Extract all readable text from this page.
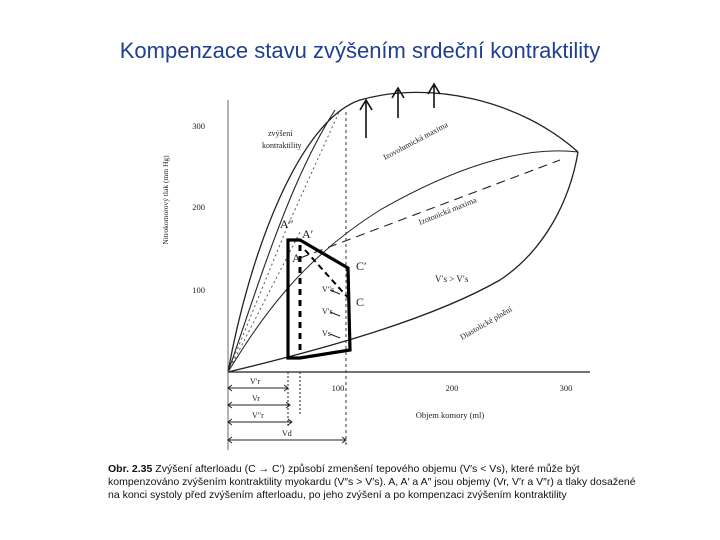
Kompenzace stavu zvýšením srdeční kontraktility
300
200
100
100	200	300
Objem komory (ml)
Nitrokomorový tlak (mm Hg)
zvýšení
kontraktility	Izovolumická maxima
Izotonická maxima
Diastolické plnění
A″
A′
A
C′
C
V″s
V′s
Vs
V′s > V′s
V′r
Vr
V″r
Vd
Obr. 2.35 Zvýšení afterloadu (C → C′) způsobí zmenšení tepového objemu (V′s < Vs), které může být kompenzováno zvýšením kontraktility myokardu (V″s > V′s). A, A′ a A″ jsou objemy (Vr, V′r a V″r) a tlaky dosažené na konci systoly před zvýšením afterloadu, po jeho zvýšení a po kompenzaci zvýšením kontraktility
